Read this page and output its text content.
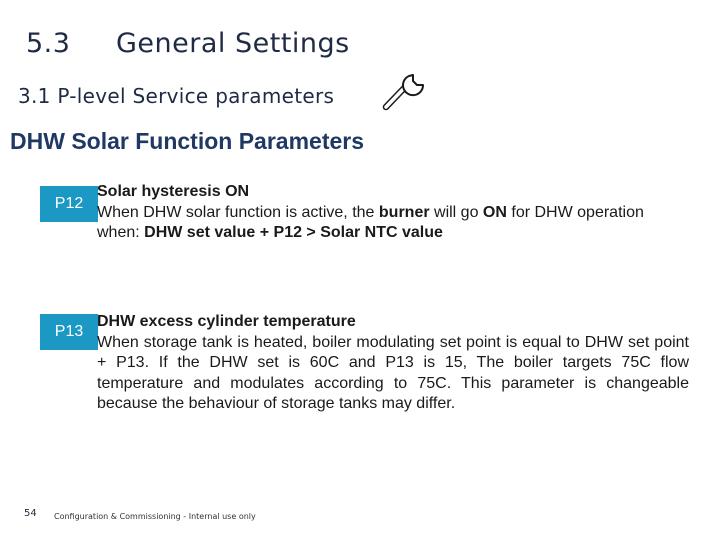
5.3 General Settings
3.1 P-level Service parameters
DHW Solar Function Parameters
P12
Solar hysteresis ON
When DHW solar function is active, the burner will go ON for DHW operation when: DHW set value + P12 > Solar NTC value
P13
DHW excess cylinder temperature
When storage tank is heated, boiler modulating set point is equal to DHW set point + P13. If the DHW set is 60C and P13 is 15, The boiler targets 75C flow temperature and modulates according to 75C. This parameter is changeable because the behaviour of storage tanks may differ.
54 Configuration & Commissioning - Internal use only
